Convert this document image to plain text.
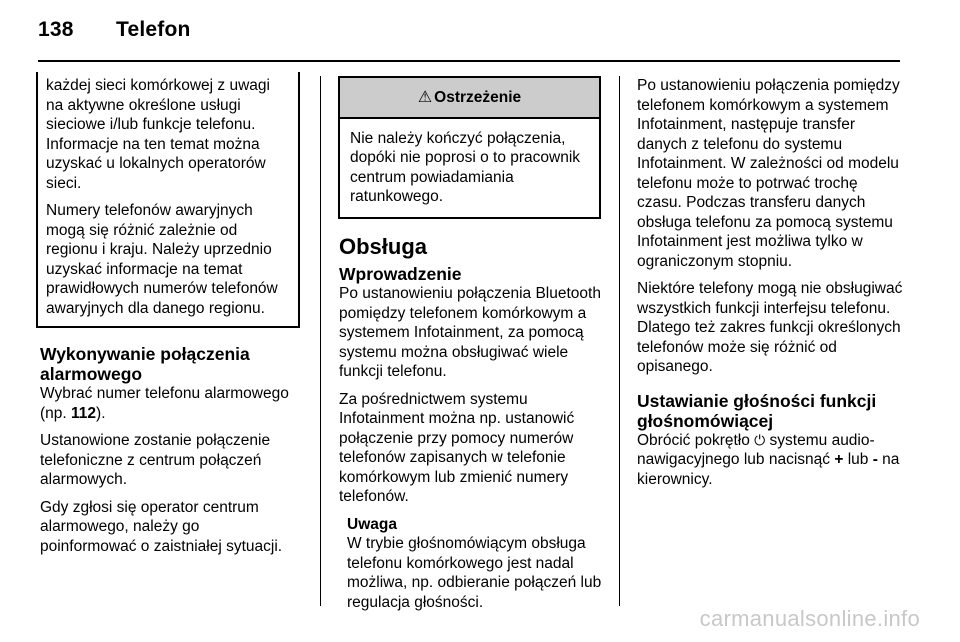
138 Telefon

każdej sieci komórkowej z uwagi na aktywne określone usługi sieciowe i/lub funkcje telefonu. Informacje na ten temat można uzyskać u lokalnych operatorów sieci.

Numery telefonów awaryjnych mogą się różnić zależnie od regionu i kraju. Należy uprzednio uzyskać informacje na temat prawidłowych numerów telefonów awaryjnych dla danego regionu.

Wykonywanie połączenia alarmowego

Wybrać numer telefonu alarmowego (np. 112).

Ustanowione zostanie połączenie telefoniczne z centrum połączeń alarmowych.

Gdy zgłosi się operator centrum alarmowego, należy go poinformować o zaistniałej sytuacji.

⚠ Ostrzeżenie
Nie należy kończyć połączenia, dopóki nie poprosi o to pracownik centrum powiadamiania ratunkowego.
Obsługa
Wprowadzenie

Po ustanowieniu połączenia Bluetooth pomiędzy telefonem komórkowym a systemem Infotainment, za pomocą systemu można obsługiwać wiele funkcji telefonu.

Za pośrednictwem systemu Infotainment można np. ustanowić połączenie przy pomocy numerów telefonów zapisanych w telefonie komórkowym lub zmienić numery telefonów.

Uwaga
W trybie głośnomówiącym obsługa telefonu komórkowego jest nadal możliwa, np. odbieranie połączeń lub regulacja głośności.

Po ustanowieniu połączenia pomiędzy telefonem komórkowym a systemem Infotainment, następuje transfer danych z telefonu do systemu Infotainment. W zależności od modelu telefonu może to potrwać trochę czasu. Podczas transferu danych obsługa telefonu za pomocą systemu Infotainment jest możliwa tylko w ograniczonym stopniu.

Niektóre telefony mogą nie obsługiwać wszystkich funkcji interfejsu telefonu. Dlatego też zakres funkcji określonych telefonów może się różnić od opisanego.

Ustawianie głośności funkcji głośnomówiącej

Obrócić pokrętło ⏻ systemu audio-nawigacyjnego lub nacisnąć + lub - na kierownicy.

carmanualsonline.info
